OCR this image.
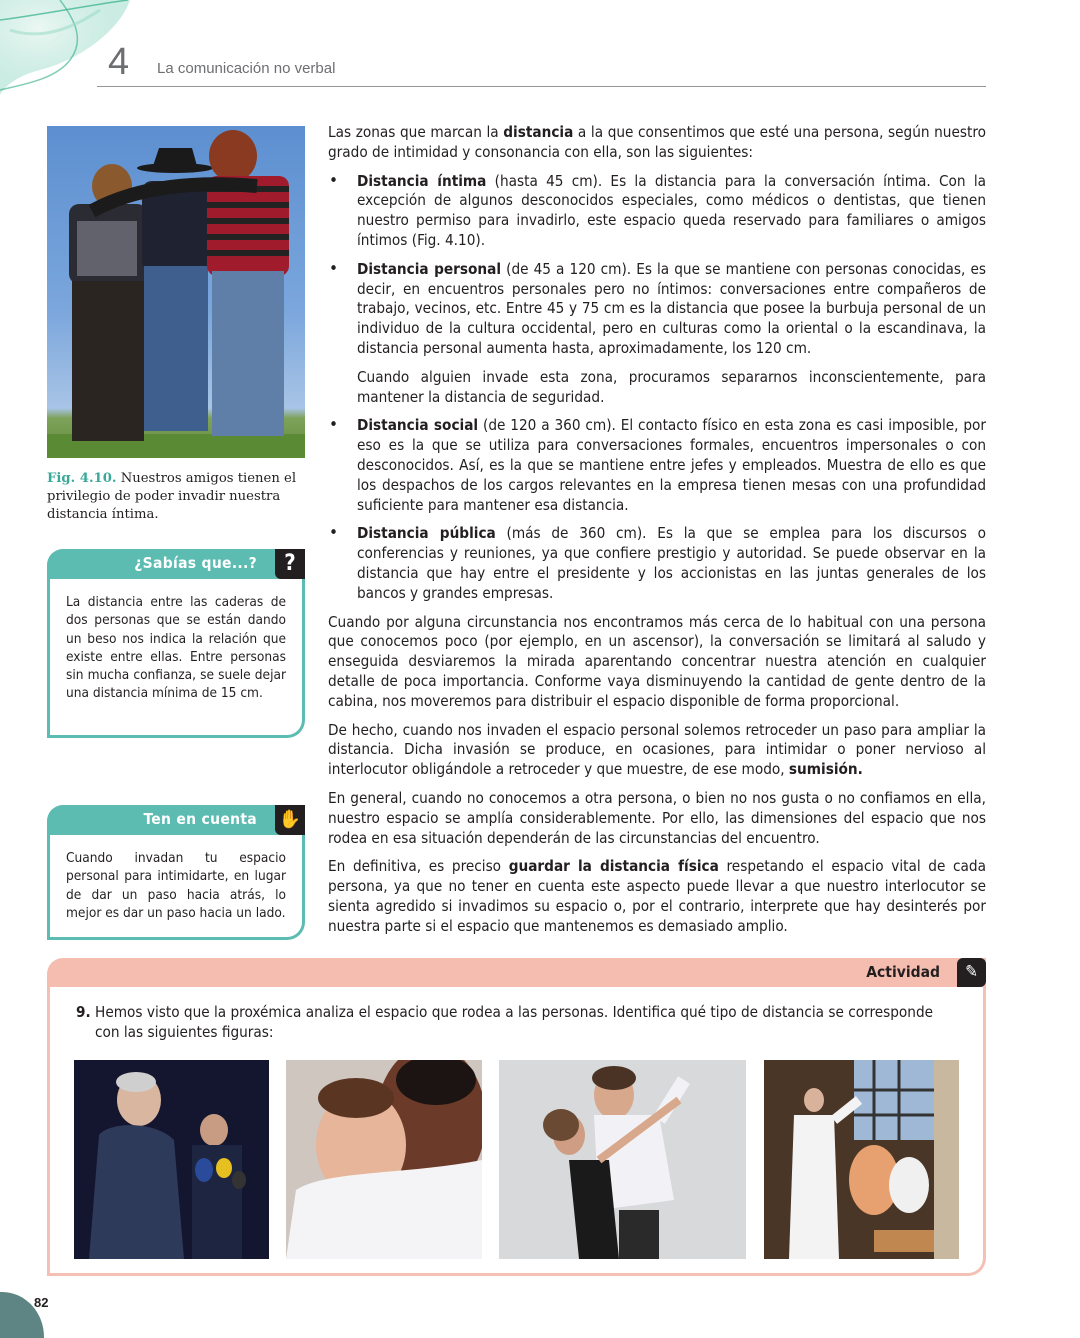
4 La comunicación no verbal
Fig. 4.10. Nuestros amigos tienen el privilegio de poder invadir nuestra distancia íntima.
¿Sabías que...?	?
La distancia entre las caderas de dos personas que se están dando un beso nos indica la relación que existe entre ellas. Entre personas sin mucha confianza, se suele dejar una distancia mínima de 15 cm.
Ten en cuenta ✋
Cuando invadan tu espacio personal para intimidarte, en lugar de dar un paso hacia atrás, lo mejor es dar un paso hacia un lado.

Las zonas que marcan la distancia a la que consentimos que esté una persona, según nuestro grado de intimidad y consonancia con ella, son las siguientes:

• Distancia íntima (hasta 45 cm). Es la distancia para la conversación íntima. Con la excepción de algunos desconocidos especiales, como médicos o dentistas, que tienen nuestro permiso para invadirlo, este espacio queda reservado para familiares o amigos íntimos (Fig. 4.10).
• Distancia personal (de 45 a 120 cm). Es la que se mantiene con personas conocidas, es decir, en encuentros personales pero no íntimos: conversaciones entre compañeros de trabajo, vecinos, etc. Entre 45 y 75 cm es la distancia que posee la burbuja personal de un individuo de la cultura occidental, pero en culturas como la oriental o la escandinava, la distancia personal aumenta hasta, aproximadamente, los 120 cm.

Cuando alguien invade esta zona, procuramos separarnos inconscientemente, para mantener la distancia de seguridad.

• Distancia social (de 120 a 360 cm). El contacto físico en esta zona es casi imposible, por eso es la que se utiliza para conversaciones formales, encuentros impersonales o con desconocidos. Así, es la que se mantiene entre jefes y empleados. Muestra de ello es que los despachos de los cargos relevantes en la empresa tienen mesas con una profundidad suficiente para mantener esa distancia.
• Distancia pública (más de 360 cm). Es la que se emplea para los discursos o conferencias y reuniones, ya que confiere prestigio y autoridad. Se puede observar en la distancia que hay entre el presidente y los accionistas en las juntas generales de los bancos y grandes empresas.

Cuando por alguna circunstancia nos encontramos más cerca de lo habitual con una persona que conocemos poco (por ejemplo, en un ascensor), la conversación se limitará al saludo y enseguida desviaremos la mirada aparentando concentrar nuestra atención en cualquier detalle de poca importancia. Conforme vaya disminuyendo la cantidad de gente dentro de la cabina, nos moveremos para distribuir el espacio disponible de forma proporcional.

De hecho, cuando nos invaden el espacio personal solemos retroceder un paso para ampliar la distancia. Dicha invasión se produce, en ocasiones, para intimidar o poner nervioso al interlocutor obligándole a retroceder y que muestre, de ese modo, sumisión.

En general, cuando no conocemos a otra persona, o bien no nos gusta o no confiamos en ella, nuestro espacio se amplía considerablemente. Por ello, las dimensiones del espacio que nos rodea en esa situación dependerán de las circunstancias del encuentro.

En definitiva, es preciso guardar la distancia física respetando el espacio vital de cada persona, ya que no tener en cuenta este aspecto puede llevar a que nuestro interlocutor se sienta agredido si invadimos su espacio o, por el contrario, interprete que hay desinterés por nuestra parte si el espacio que mantenemos es demasiado amplio.

Actividad	✎
9. Hemos visto que la proxémica analiza el espacio que rodea a las personas. Identifica qué tipo de distancia se corresponde
con las siguientes figuras:
82
